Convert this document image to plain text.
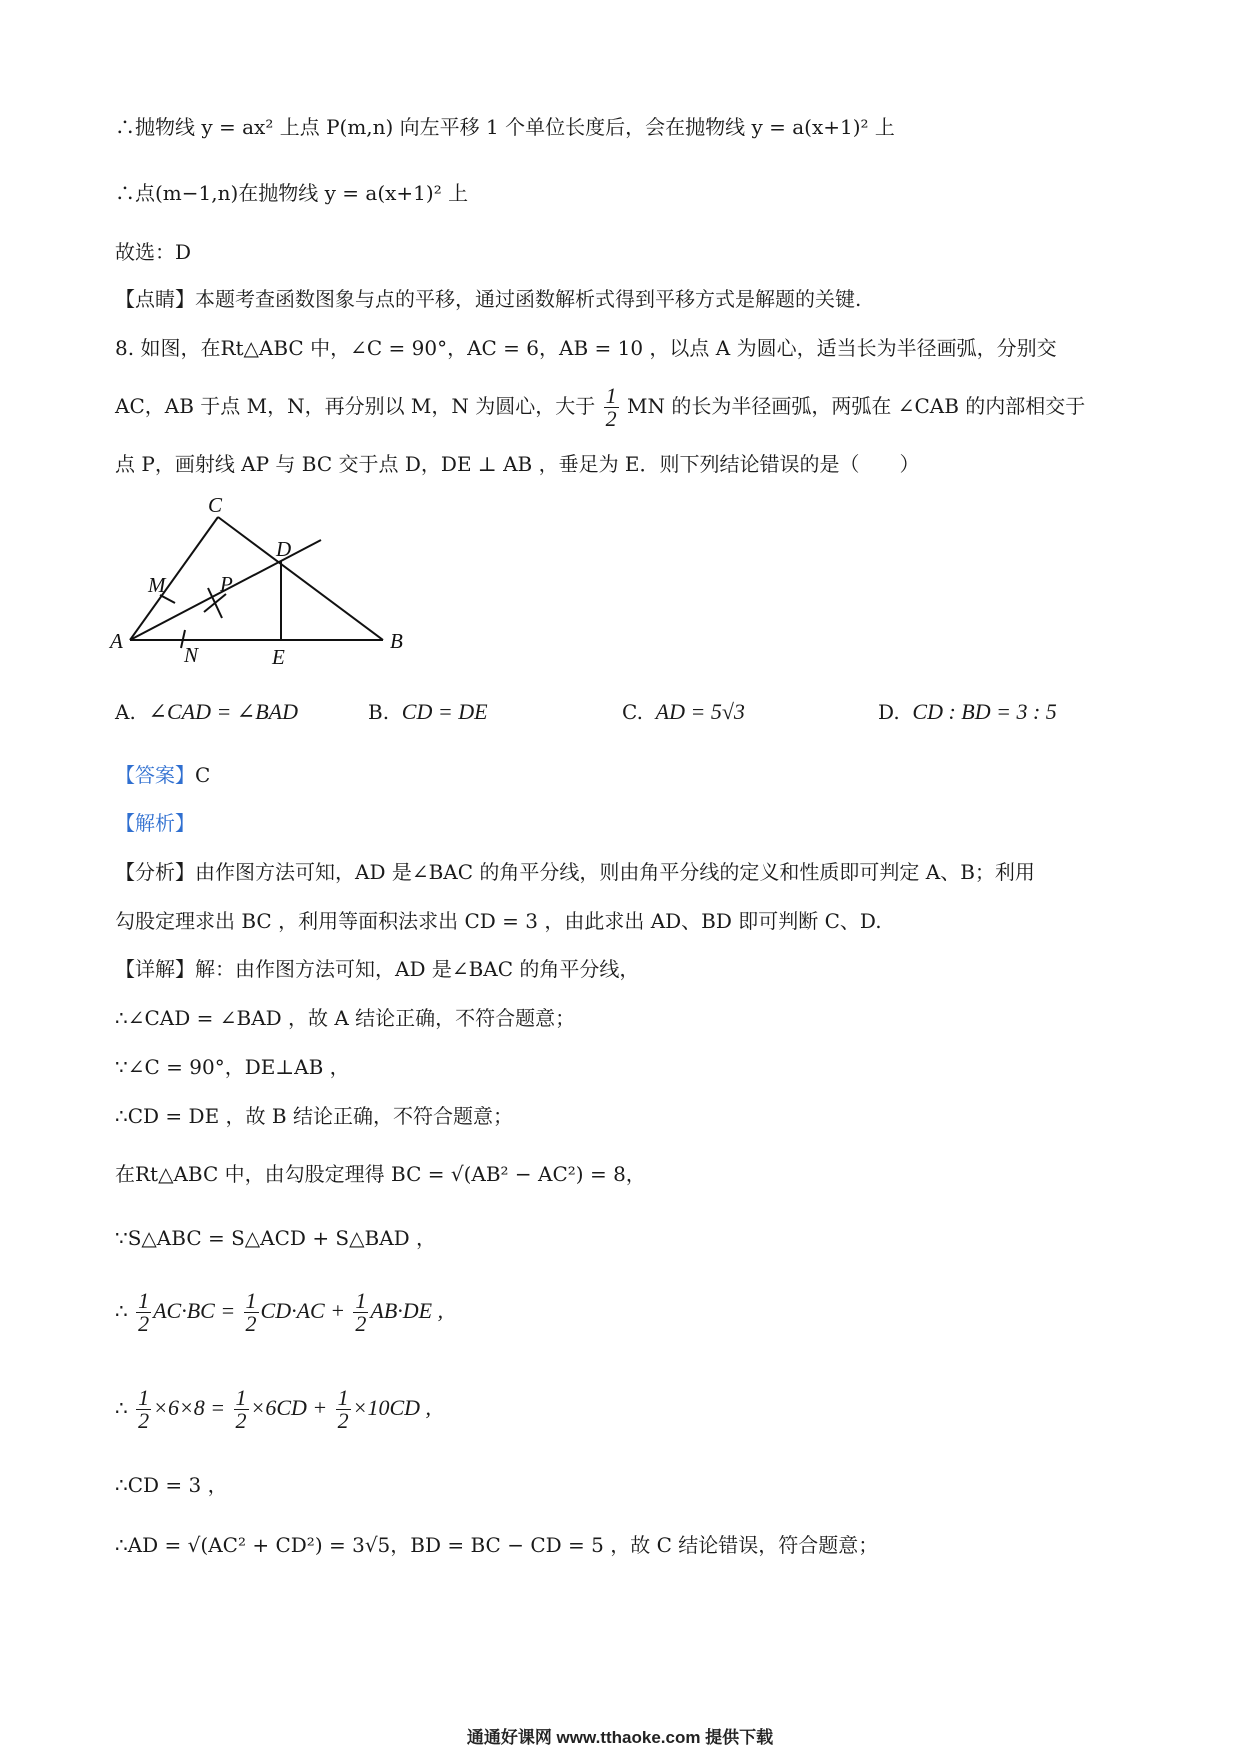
∴抛物线 y = ax² 上点 P(m,n) 向左平移 1 个单位长度后，会在抛物线 y = a(x+1)² 上
∴点(m−1,n)在抛物线 y = a(x+1)² 上
故选：D
【点睛】本题考查函数图象与点的平移，通过函数解析式得到平移方式是解题的关键.
8. 如图，在Rt△ABC 中，∠C = 90°，AC = 6，AB = 10 ，以点 A 为圆心，适当长为半径画弧，分别交
AC，AB 于点 M，N，再分别以 M，N 为圆心，大于 $\frac{1}{2}$ MN 的长为半径画弧，两弧在 ∠CAB 的内部相交于
点 P，画射线 AP 与 BC 交于点 D，DE ⊥ AB ，垂足为 E．则下列结论错误的是（　　）
C
D
M	P
A
N	E
B
A. ∠CAD = ∠BAD	B. CD = DE	C. AD = 5√3	D. CD : BD = 3 : 5
【答案】C
【解析】
【分析】由作图方法可知，AD 是∠BAC 的角平分线，则由角平分线的定义和性质即可判定 A、B；利用
勾股定理求出 BC ，利用等面积法求出 CD = 3 ，由此求出 AD、BD 即可判断 C、D.
【详解】解：由作图方法可知，AD 是∠BAC 的角平分线，
∴∠CAD = ∠BAD ，故 A 结论正确，不符合题意；
∵∠C = 90°，DE⊥AB ，
∴CD = DE ，故 B 结论正确，不符合题意；
在Rt△ABC 中，由勾股定理得 BC = √(AB² − AC²) = 8，
∵S△ABC = S△ACD + S△BAD ，
∴ $\frac{1}{2} AC\cdot BC = \frac{1}{2} CD\cdot AC + \frac{1}{2} AB\cdot DE$ ,
∴ $\frac{1}{2} \times 6\times 8 = \frac{1}{2} \times 6CD + \frac{1}{2} \times 10CD$ ,
∴CD = 3 ，
∴AD = √(AC² + CD²) = 3√5，BD = BC − CD = 5 ，故 C 结论错误，符合题意；
通通好课网 www.tthaoke.com 提供下载
